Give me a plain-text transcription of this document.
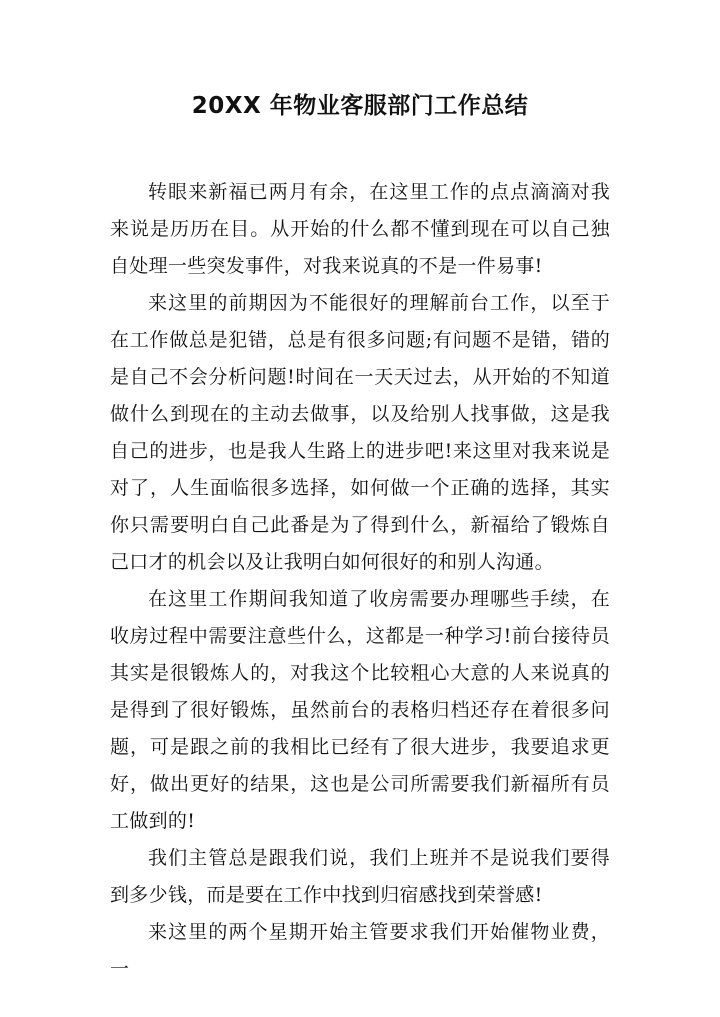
20XX 年物业客服部门工作总结

转眼来新福已两月有余，在这里工作的点点滴滴对我来说是历历在目。从开始的什么都不懂到现在可以自己独自处理一些突发事件，对我来说真的不是一件易事!

来这里的前期因为不能很好的理解前台工作，以至于在工作做总是犯错，总是有很多问题;有问题不是错，错的是自己不会分析问题!时间在一天天过去，从开始的不知道做什么到现在的主动去做事，以及给别人找事做，这是我自己的进步，也是我人生路上的进步吧!来这里对我来说是对了，人生面临很多选择，如何做一个正确的选择，其实你只需要明白自己此番是为了得到什么，新福给了锻炼自己口才的机会以及让我明白如何很好的和别人沟通。

在这里工作期间我知道了收房需要办理哪些手续，在收房过程中需要注意些什么，这都是一种学习!前台接待员其实是很锻炼人的，对我这个比较粗心大意的人来说真的是得到了很好锻炼，虽然前台的表格归档还存在着很多问题，可是跟之前的我相比已经有了很大进步，我要追求更好，做出更好的结果，这也是公司所需要我们新福所有员工做到的!

我们主管总是跟我们说，我们上班并不是说我们要得到多少钱，而是要在工作中找到归宿感找到荣誉感!

来这里的两个星期开始主管要求我们开始催物业费，一
